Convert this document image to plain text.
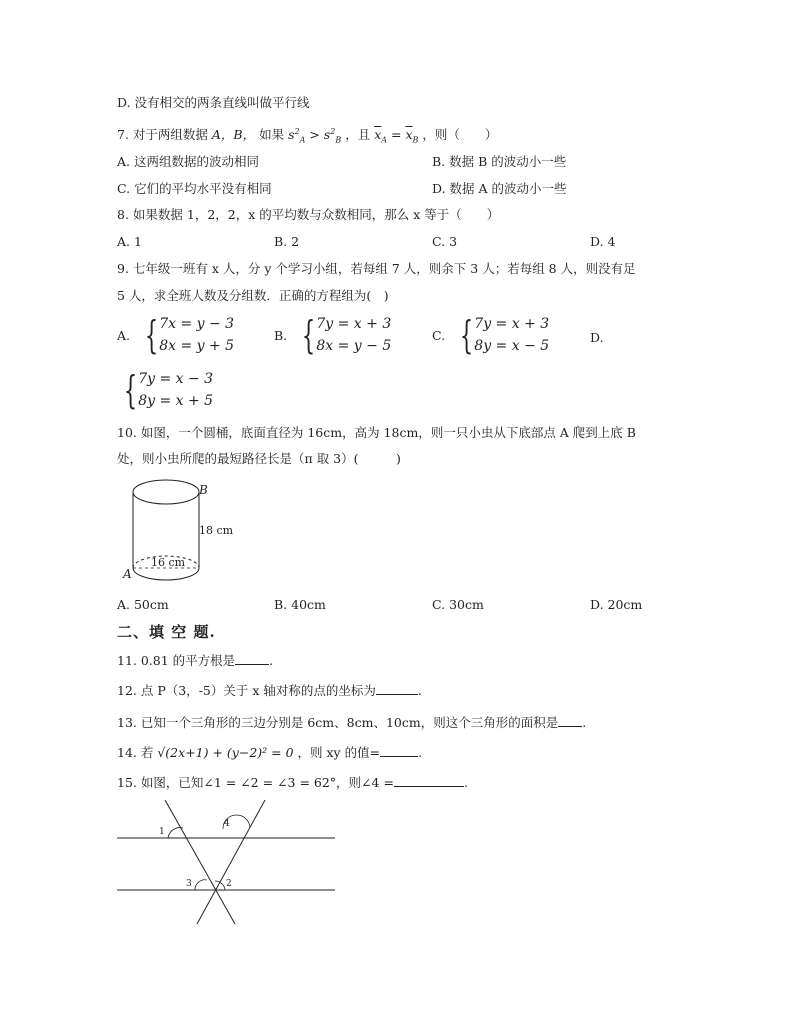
D. 没有相交的两条直线叫做平行线
7. 对于两组数据 A，B， 如果 $s^2_A > s^2_B$ ，且 $\overline{x}_A = \overline{x}_B$ ，则（　　）
A. 这两组数据的波动相同	B. 数据 B 的波动小一些
C. 它们的平均水平没有相同	D. 数据 A 的波动小一些
8. 如果数据 1，2，2，x 的平均数与众数相同，那么 x 等于（　　）
A. 1	B. 2	C. 3	D. 4
9. 七年级一班有 x 人，分 y 个学习小组，若每组 7 人，则余下 3 人；若每组 8 人，则没有足
5 人，求全班人数及分组数．正确的方程组为(　)
A. { 7x = y − 3
8x = y + 5
B. { 7y = x + 3
8x = y − 5
C. { 7y = x + 3
8y = x − 5
D.
{ 7y = x − 3
8y = x + 5
10. 如图，一个圆桶，底面直径为 16cm，高为 18cm，则一只小虫从下底部点 A 爬到上底 B
处，则小虫所爬的最短路径长是（π 取 3）(　　　)
B
A
18 cm
16 cm
A. 50cm	B. 40cm	C. 30cm	D. 20cm
二、填 空 题.
11. 0.81 的平方根是	.
12. 点 P（3，-5）关于 x 轴对称的点的坐标为	.
13. 已知一个三角形的三边分别是 6cm、8cm、10cm，则这个三角形的面积是 .
14. 若 √(2x+1) + (y−2)² = 0 ，则 xy 的值=	.
15. 如图，已知∠1 = ∠2 = ∠3 = 62°，则∠4 =	.
1
4
3	2
